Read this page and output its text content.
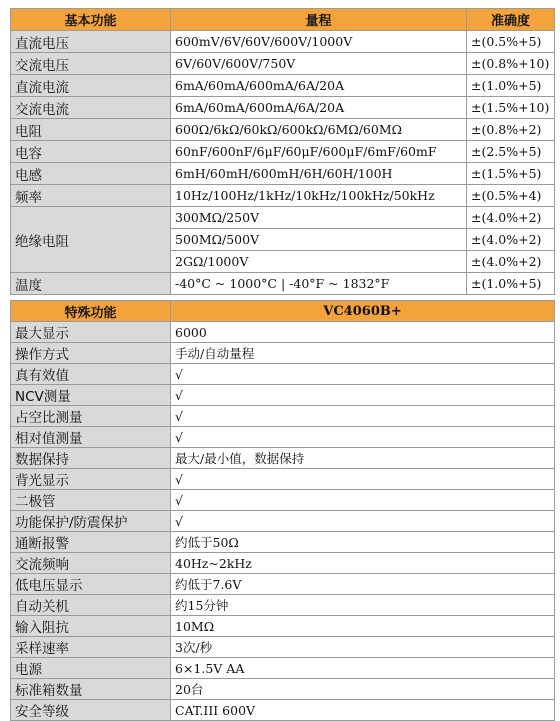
基本功能	量程	准确度
直流电压	600mV/6V/60V/600V/1000V	±(0.5%+5)
交流电压	6V/60V/600V/750V	±(0.8%+10)
直流电流	6mA/60mA/600mA/6A/20A	±(1.0%+5)
交流电流	6mA/60mA/600mA/6A/20A	±(1.5%+10)
电阻	600Ω/6kΩ/60kΩ/600kΩ/6MΩ/60MΩ	±(0.8%+2)
电容	60nF/600nF/6μF/60μF/600μF/6mF/60mF	±(2.5%+5)
电感	6mH/60mH/600mH/6H/60H/100H	±(1.5%+5)
频率	10Hz/100Hz/1kHz/10kHz/100kHz/50kHz	±(0.5%+4)
绝缘电阻	300MΩ/250V	±(4.0%+2)
	500MΩ/500V	±(4.0%+2)
	2GΩ/1000V	±(4.0%+2)
温度	-40°C ~ 1000°C | -40°F ~ 1832°F	±(1.0%+5)
特殊功能	VC4060B+
最大显示	6000
操作方式	手动/自动量程
真有效值	√
NCV测量	√
占空比测量	√
相对值测量	√
数据保持	最大/最小值，数据保持
背光显示	√
二极管	√
功能保护/防震保护	√
通断报警	约低于50Ω
交流频响	40Hz~2kHz
低电压显示	约低于7.6V
自动关机	约15分钟
输入阻抗	10MΩ
采样速率	3次/秒
电源	6×1.5V AA
标准箱数量	20台
安全等级	CAT.III 600V
